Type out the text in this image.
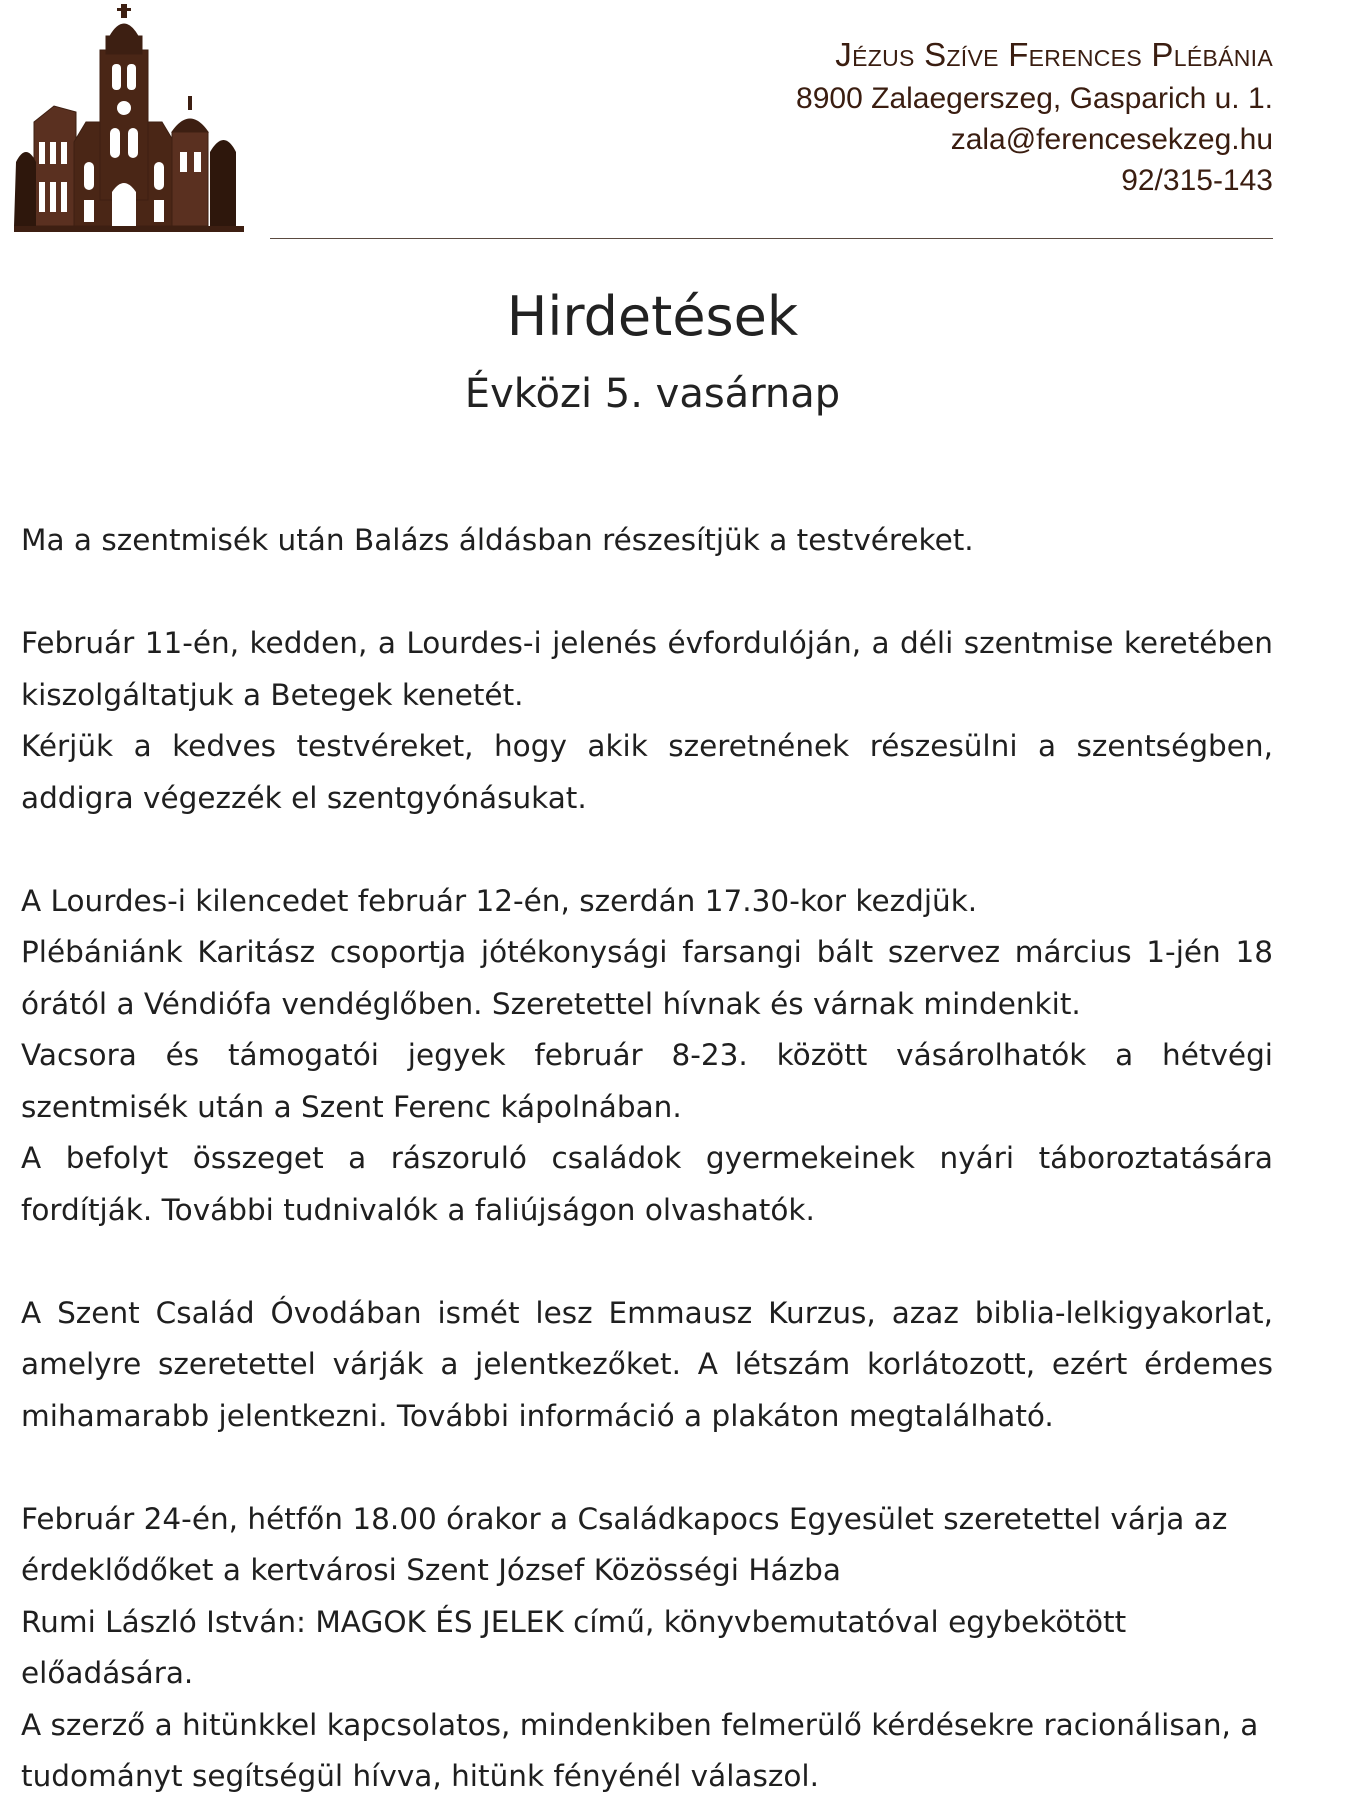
Jézus Szíve Ferences Plébánia
8900 Zalaegerszeg, Gasparich u. 1.
zala@ferencesekzeg.hu
92/315-143
Hirdetések
Évközi 5. vasárnap
Ma a szentmisék után Balázs áldásban részesítjük a testvéreket.
Február 11-én, kedden, a Lourdes-i jelenés évfordulóján, a déli szentmise keretében kiszolgáltatjuk a Betegek kenetét.
Kérjük a kedves testvéreket, hogy akik szeretnének részesülni a szentségben, addigra végezzék el szentgyónásukat.
A Lourdes-i kilencedet február 12-én, szerdán 17.30-kor kezdjük.
Plébániánk Karitász csoportja jótékonysági farsangi bált szervez március 1-jén 18 órától a Véndiófa vendéglőben. Szeretettel hívnak és várnak mindenkit.
Vacsora és támogatói jegyek február 8-23. között vásárolhatók a hétvégi szentmisék után a Szent Ferenc kápolnában.
A befolyt összeget a rászoruló családok gyermekeinek nyári táboroztatására fordítják. További tudnivalók a faliújságon olvashatók.
A Szent Család Óvodában ismét lesz Emmausz Kurzus, azaz biblia-lelkigyakorlat, amelyre szeretettel várják a jelentkezőket. A létszám korlátozott, ezért érdemes mihamarabb jelentkezni. További információ a plakáton megtalálható.
Február 24-én, hétfőn 18.00 órakor a Családkapocs Egyesület szeretettel várja az
érdeklődőket a kertvárosi Szent József Közösségi Házba
Rumi László István: MAGOK ÉS JELEK című, könyvbemutatóval egybekötött előadására.
A szerző a hitünkkel kapcsolatos, mindenkiben felmerülő kérdésekre racionálisan, a
tudományt segítségül hívva, hitünk fényénél válaszol.
